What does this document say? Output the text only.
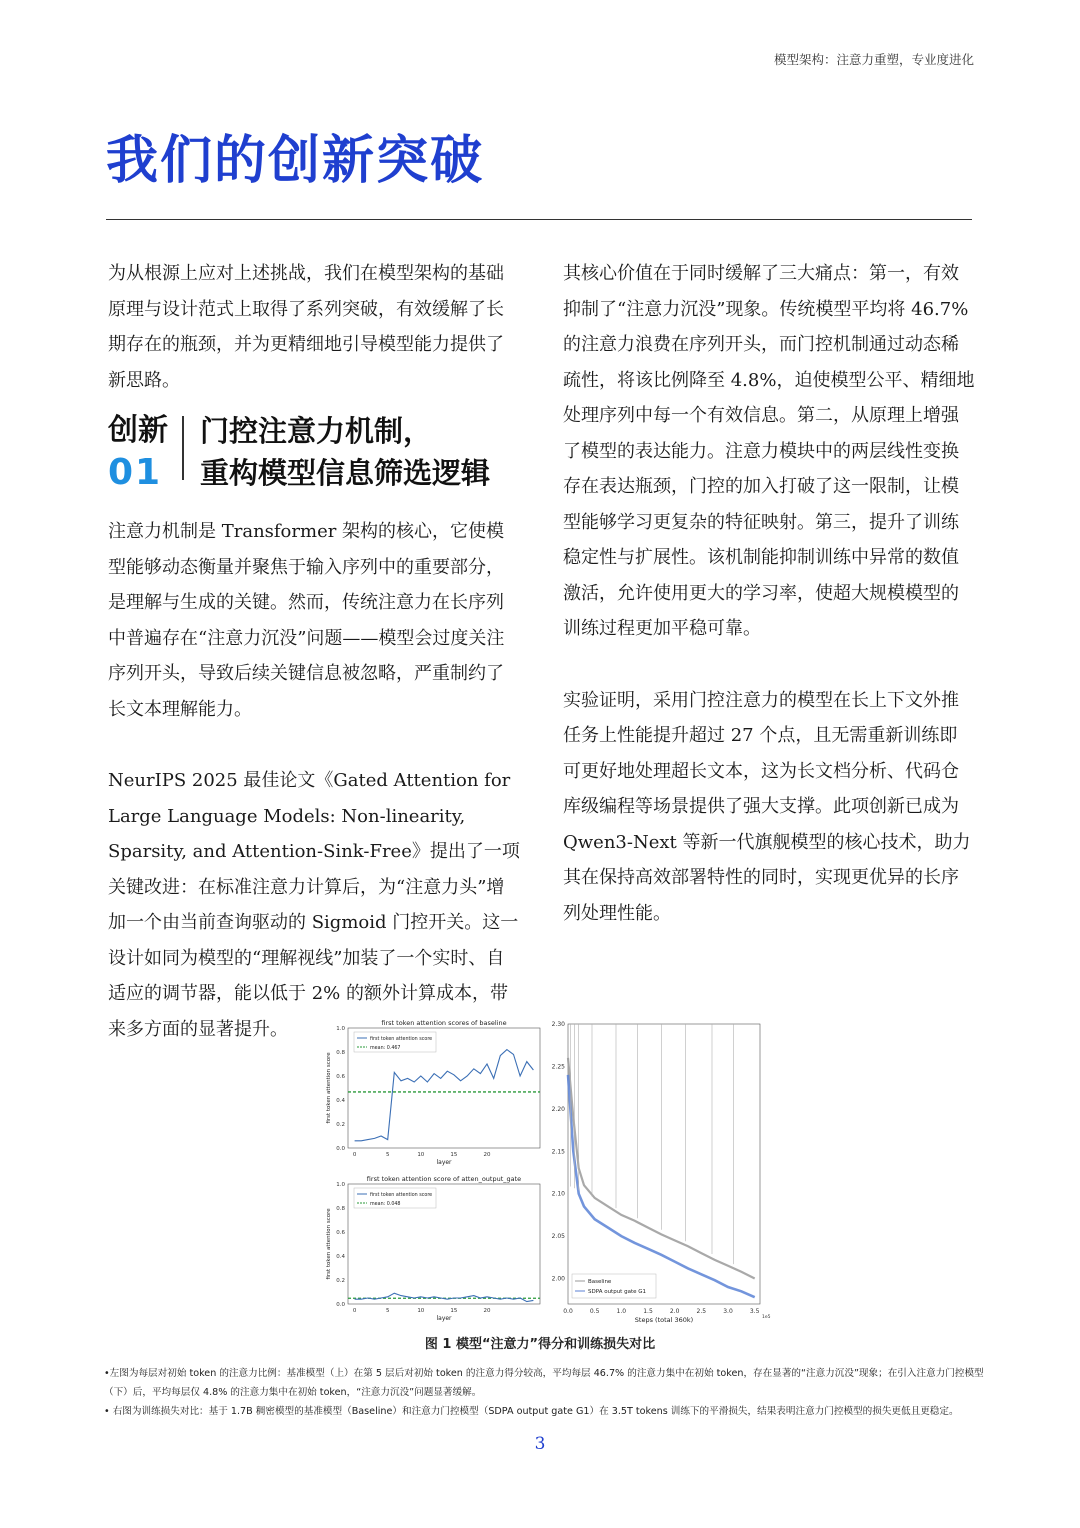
模型架构：注意力重塑，专业度进化
我们的创新突破

为从根源上应对上述挑战，我们在模型架构的基础原理与设计范式上取得了系列突破，有效缓解了长期存在的瓶颈，并为更精细地引导模型能力提供了新思路。

创新
01
门控注意力机制，
重构模型信息筛选逻辑

注意力机制是 Transformer 架构的核心，它使模型能够动态衡量并聚焦于输入序列中的重要部分，是理解与生成的关键。然而，传统注意力在长序列中普遍存在“注意力沉没”问题——模型会过度关注序列开头，导致后续关键信息被忽略，严重制约了长文本理解能力。

NeurIPS 2025 最佳论文《Gated Attention for Large Language Models: Non-linearity, Sparsity, and Attention-Sink-Free》提出了一项关键改进：在标准注意力计算后，为“注意力头”增加一个由当前查询驱动的 Sigmoid 门控开关。这一设计如同为模型的“理解视线”加装了一个实时、自适应的调节器，能以低于 2% 的额外计算成本，带来多方面的显著提升。

其核心价值在于同时缓解了三大痛点：第一，有效抑制了“注意力沉没”现象。传统模型平均将 46.7% 的注意力浪费在序列开头，而门控机制通过动态稀疏性，将该比例降至 4.8%，迫使模型公平、精细地处理序列中每一个有效信息。第二，从原理上增强了模型的表达能力。注意力模块中的两层线性变换存在表达瓶颈，门控的加入打破了这一限制，让模型能够学习更复杂的特征映射。第三，提升了训练稳定性与扩展性。该机制能抑制训练中异常的数值激活，允许使用更大的学习率，使超大规模模型的训练过程更加平稳可靠。

实验证明，采用门控注意力的模型在长上下文外推任务上性能提升超过 27 个点，且无需重新训练即可更好地处理超长文本，这为长文档分析、代码仓库级编程等场景提供了强大支撑。此项创新已成为 Qwen3-Next 等新一代旗舰模型的核心技术，助力其在保持高效部署特性的同时，实现更优异的长序列处理性能。

first token attention scores of baseline
0.0
0.2
0.4
0.6
0.8
1.0
0	5	10	15	20
layer
first token attention score
first token attention score
mean: 0.467
first token attention score of atten_output_gate
0.0
0.2
0.4
0.6
0.8
1.0
0	5	10	15	20
layer
first token attention score
first token attention score
mean: 0.048
2.00
2.05
2.10
2.15
2.20
2.25
2.30
0.0	0.5	1.0	1.5	2.0	2.5	3.0	3.5
1e5
Steps (total 360k)
Baseline
SDPA output gate G1
图 1 模型“注意力”得分和训练损失对比

•左图为每层对初始 token 的注意力比例：基准模型（上）在第 5 层后对初始 token 的注意力得分较高，平均每层 46.7% 的注意力集中在初始 token，存在显著的“注意力沉没”现象；在引入注意力门控模型（下）后，平均每层仅 4.8% 的注意力集中在初始 token，“注意力沉没”问题显著缓解。

• 右图为训练损失对比：基于 1.7B 稠密模型的基准模型（Baseline）和注意力门控模型（SDPA output gate G1）在 3.5T tokens 训练下的平滑损失，结果表明注意力门控模型的损失更低且更稳定。

3
